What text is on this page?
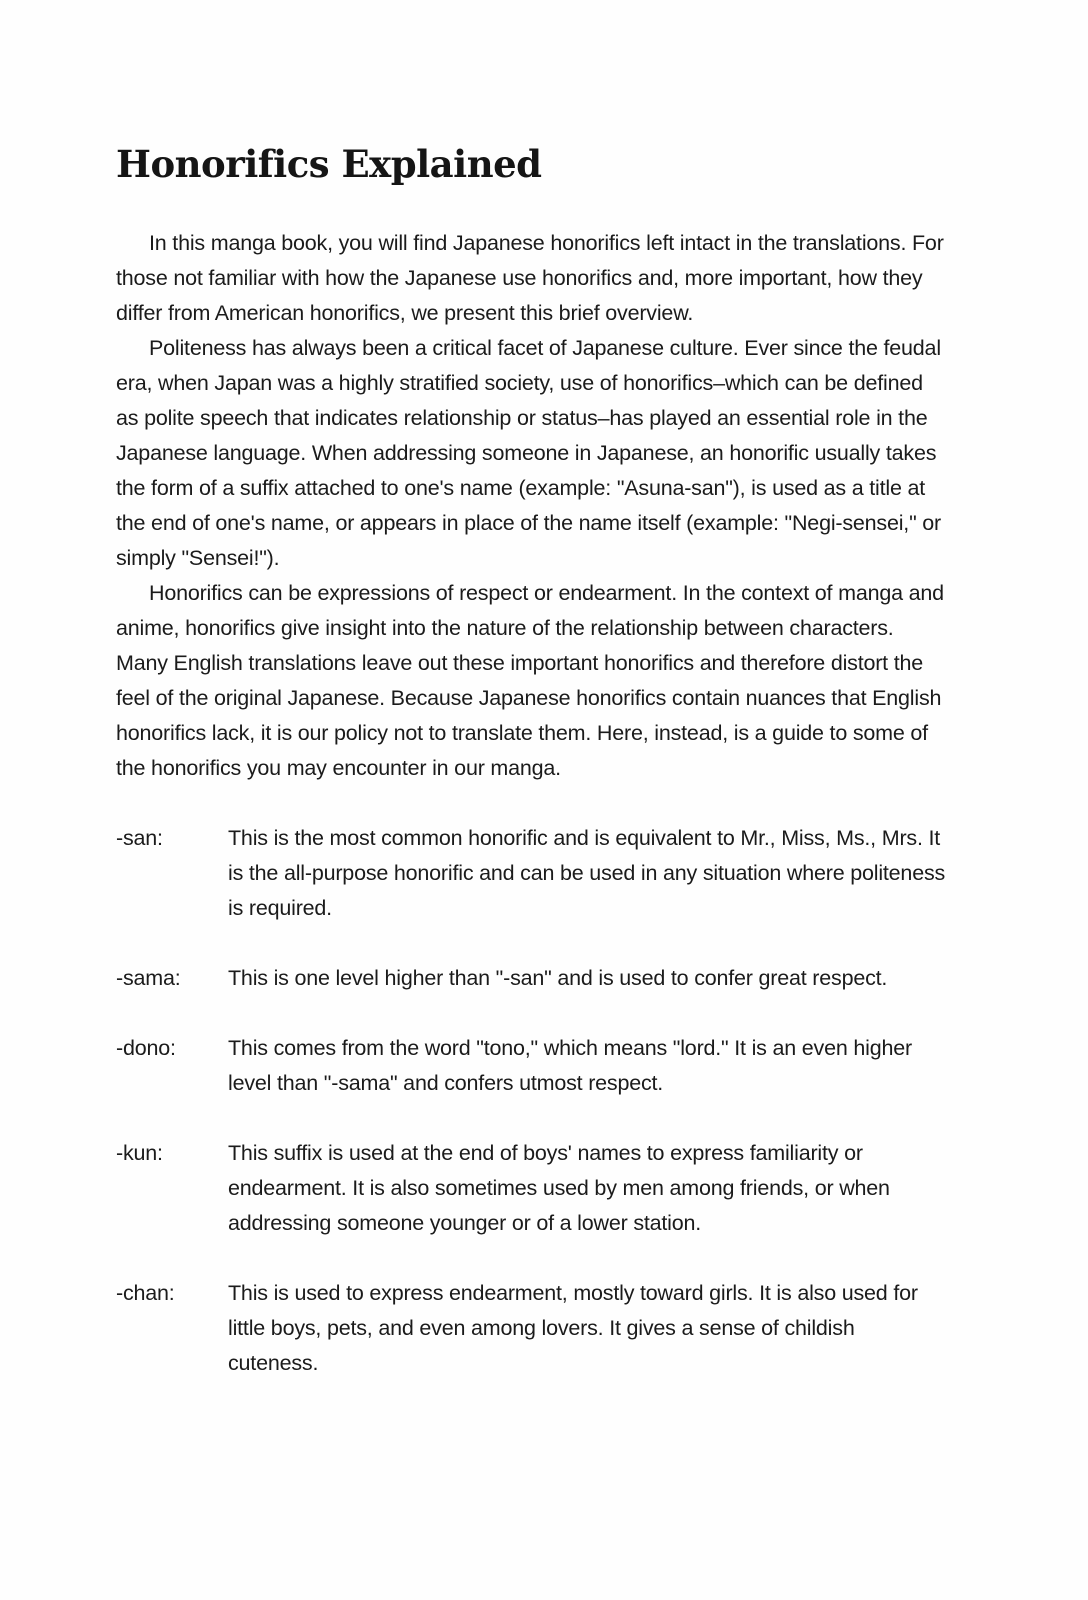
Honorifics Explained

In this manga book, you will find Japanese honorifics left intact in the translations. For those not familiar with how the Japanese use honorifics and, more important, how they differ from American honorifics, we present this brief overview.

Politeness has always been a critical facet of Japanese culture. Ever since the feudal era, when Japan was a highly stratified society, use of honorifics–which can be defined as polite speech that indicates relationship or status–has played an essential role in the Japanese language. When addressing someone in Japanese, an honorific usually takes the form of a suffix attached to one's name (example: "Asuna-san"), is used as a title at the end of one's name, or appears in place of the name itself (example: "Negi-sensei," or simply "Sensei!").

Honorifics can be expressions of respect or endearment. In the context of manga and anime, honorifics give insight into the nature of the relationship between characters. Many English translations leave out these important honorifics and therefore distort the feel of the original Japanese. Because Japanese honorifics contain nuances that English honorifics lack, it is our policy not to translate them. Here, instead, is a guide to some of the honorifics you may encounter in our manga.

-san:	This is the most common honorific and is equivalent to Mr., Miss, Ms., Mrs. It is the all-purpose honorific and can be used in any situation where politeness is required.
-sama:	This is one level higher than "-san" and is used to confer great respect.
-dono:	This comes from the word "tono," which means "lord." It is an even higher level than "-sama" and confers utmost respect.
-kun:	This suffix is used at the end of boys' names to express familiarity or endearment. It is also sometimes used by men among friends, or when addressing someone younger or of a lower station.
-chan:	This is used to express endearment, mostly toward girls. It is also used for little boys, pets, and even among lovers. It gives a sense of childish cuteness.
